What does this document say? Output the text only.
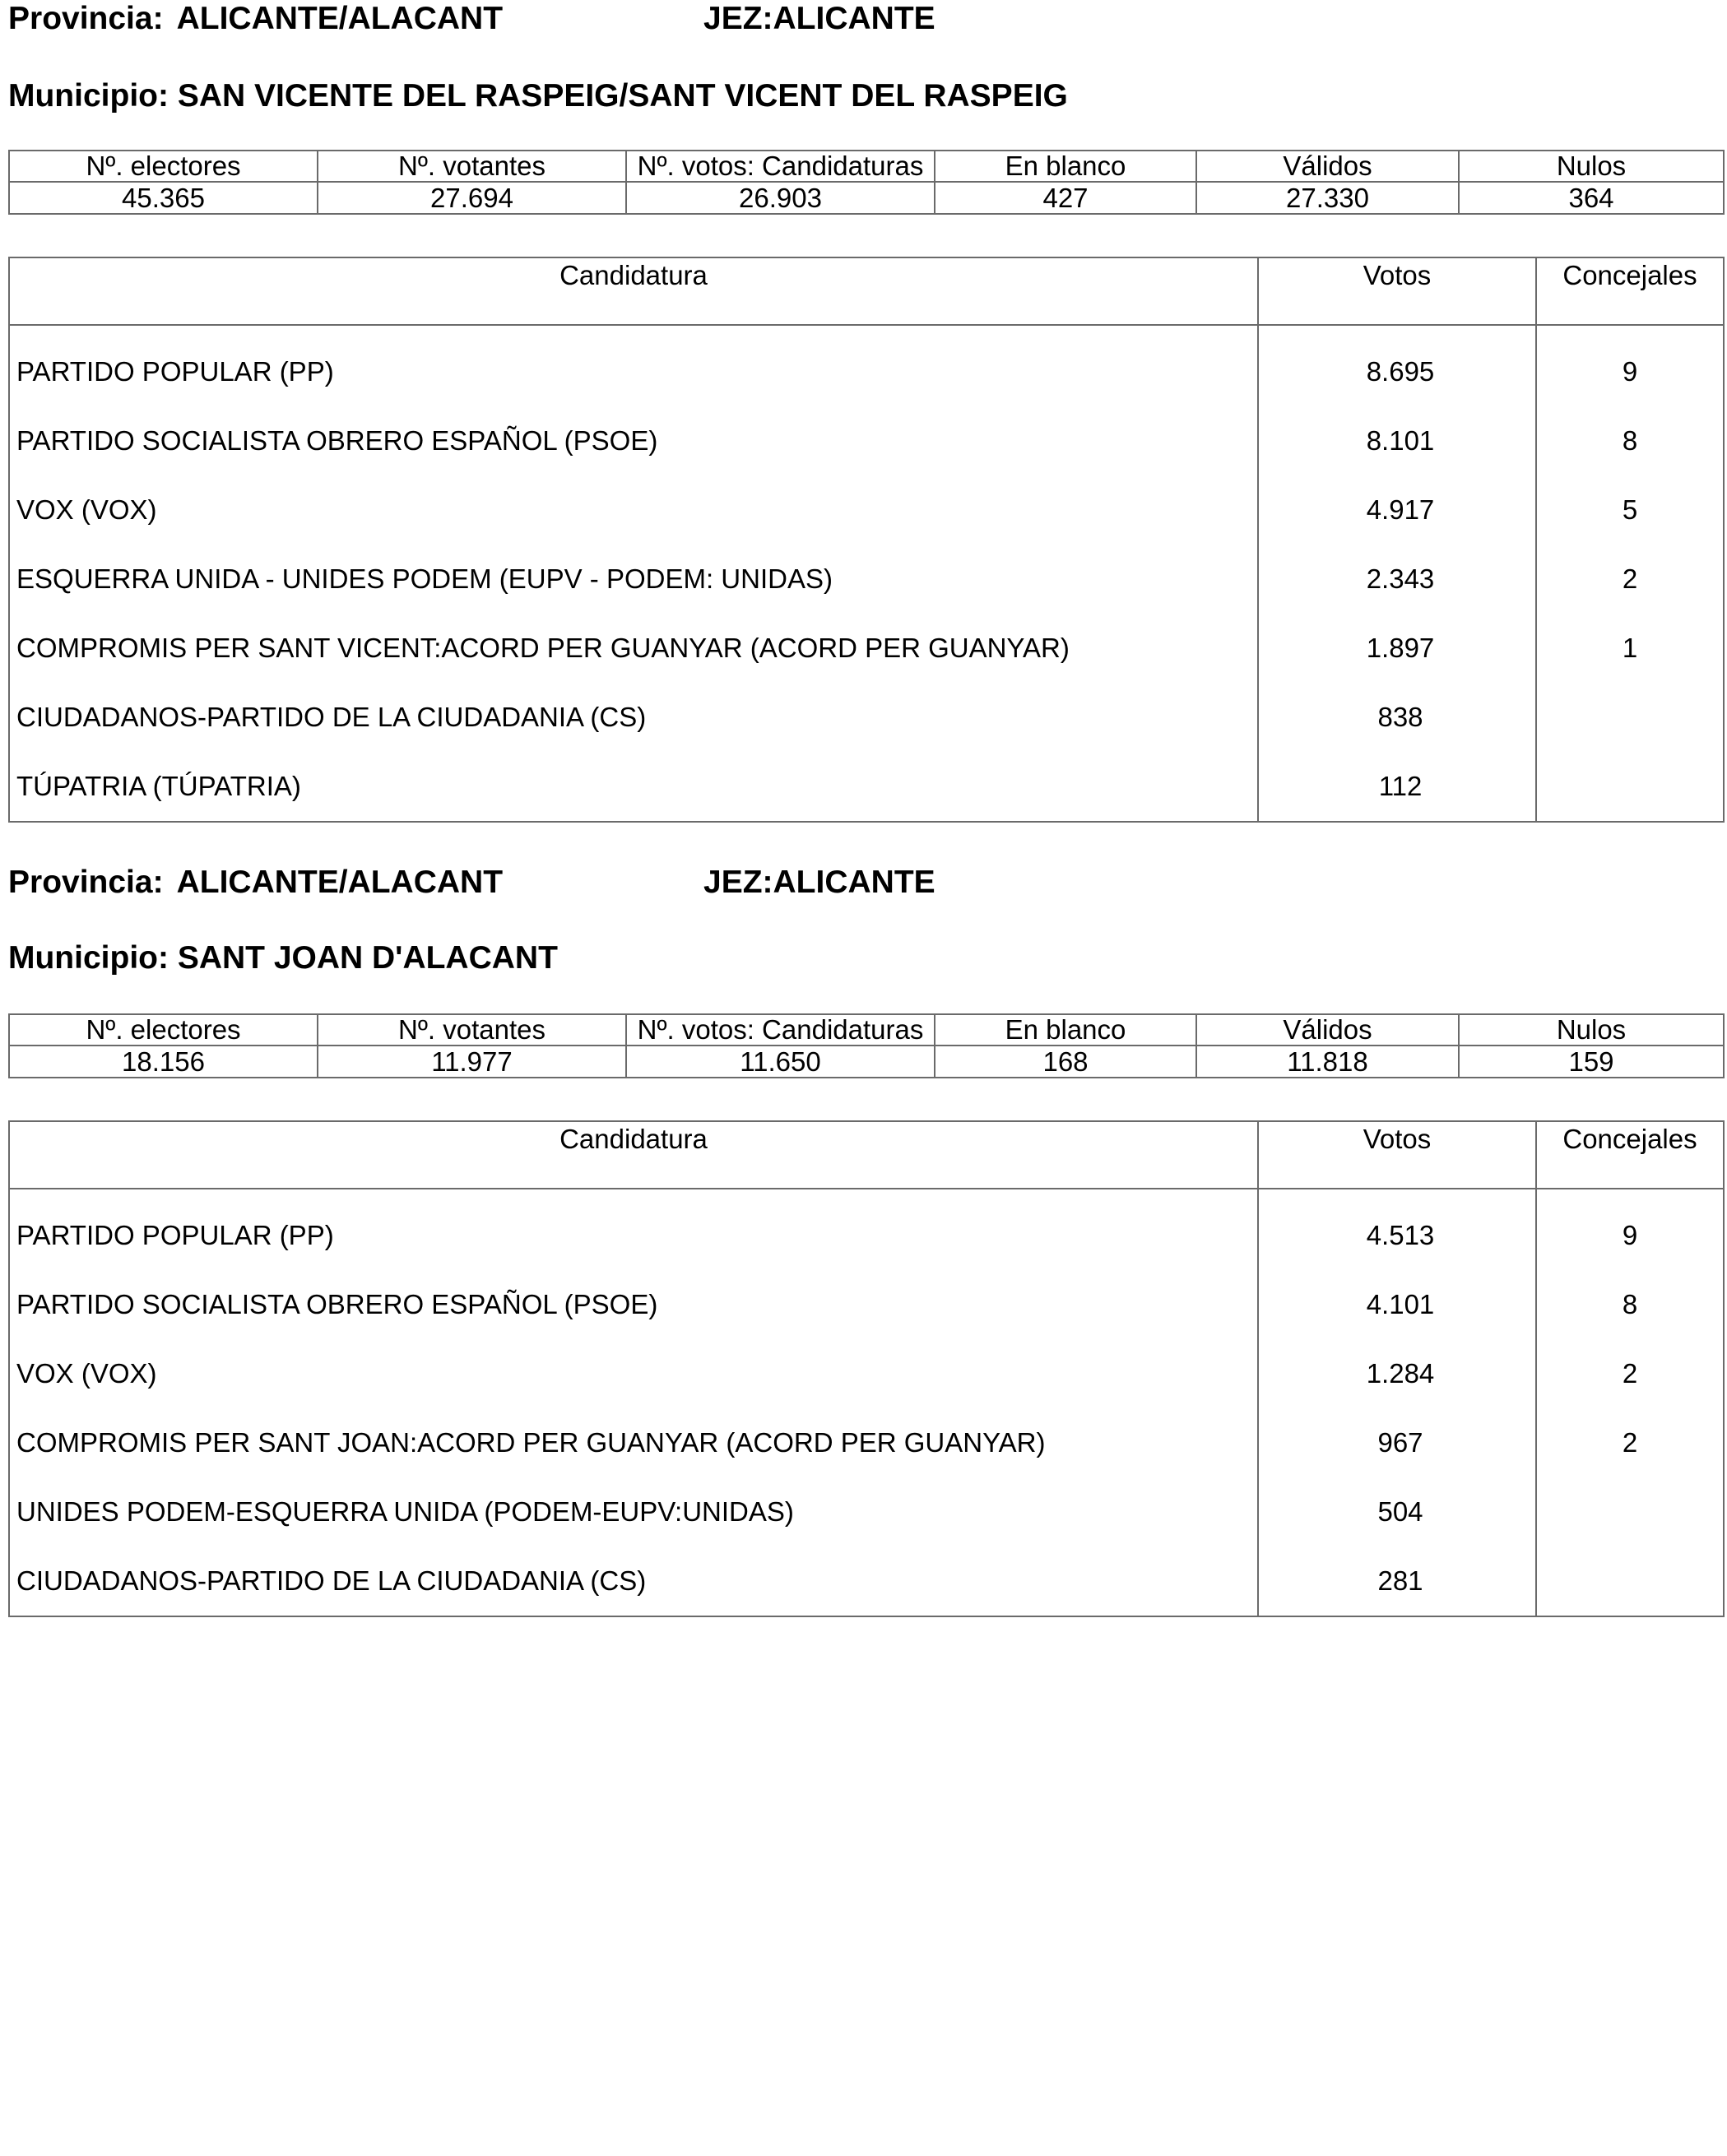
Provincia: ALICANTE/ALACANT	JEZ:ALICANTE
Municipio: SAN VICENTE DEL RASPEIG/SANT VICENT DEL RASPEIG
Nº. electores	Nº. votantes	Nº. votos: Candidaturas	En blanco	Válidos	Nulos
45.365	27.694	26.903	427	27.330	364
Candidatura	Votos	Concejales
PARTIDO POPULAR (PP)	8.695	9
PARTIDO SOCIALISTA OBRERO ESPAÑOL (PSOE)	8.101	8
VOX (VOX)	4.917	5
ESQUERRA UNIDA - UNIDES PODEM (EUPV - PODEM: UNIDAS)	2.343	2
COMPROMIS PER SANT VICENT:ACORD PER GUANYAR (ACORD PER GUANYAR)	1.897	1
CIUDADANOS-PARTIDO DE LA CIUDADANIA (CS)	838	
TÚPATRIA (TÚPATRIA)	112	
Provincia: ALICANTE/ALACANT	JEZ:ALICANTE
Municipio: SANT JOAN D'ALACANT
Nº. electores	Nº. votantes	Nº. votos: Candidaturas	En blanco	Válidos	Nulos
18.156	11.977	11.650	168	11.818	159
Candidatura	Votos	Concejales
PARTIDO POPULAR (PP)	4.513	9
PARTIDO SOCIALISTA OBRERO ESPAÑOL (PSOE)	4.101	8
VOX (VOX)	1.284	2
COMPROMIS PER SANT JOAN:ACORD PER GUANYAR (ACORD PER GUANYAR)	967	2
UNIDES PODEM-ESQUERRA UNIDA (PODEM-EUPV:UNIDAS)	504	
CIUDADANOS-PARTIDO DE LA CIUDADANIA (CS)	281	
